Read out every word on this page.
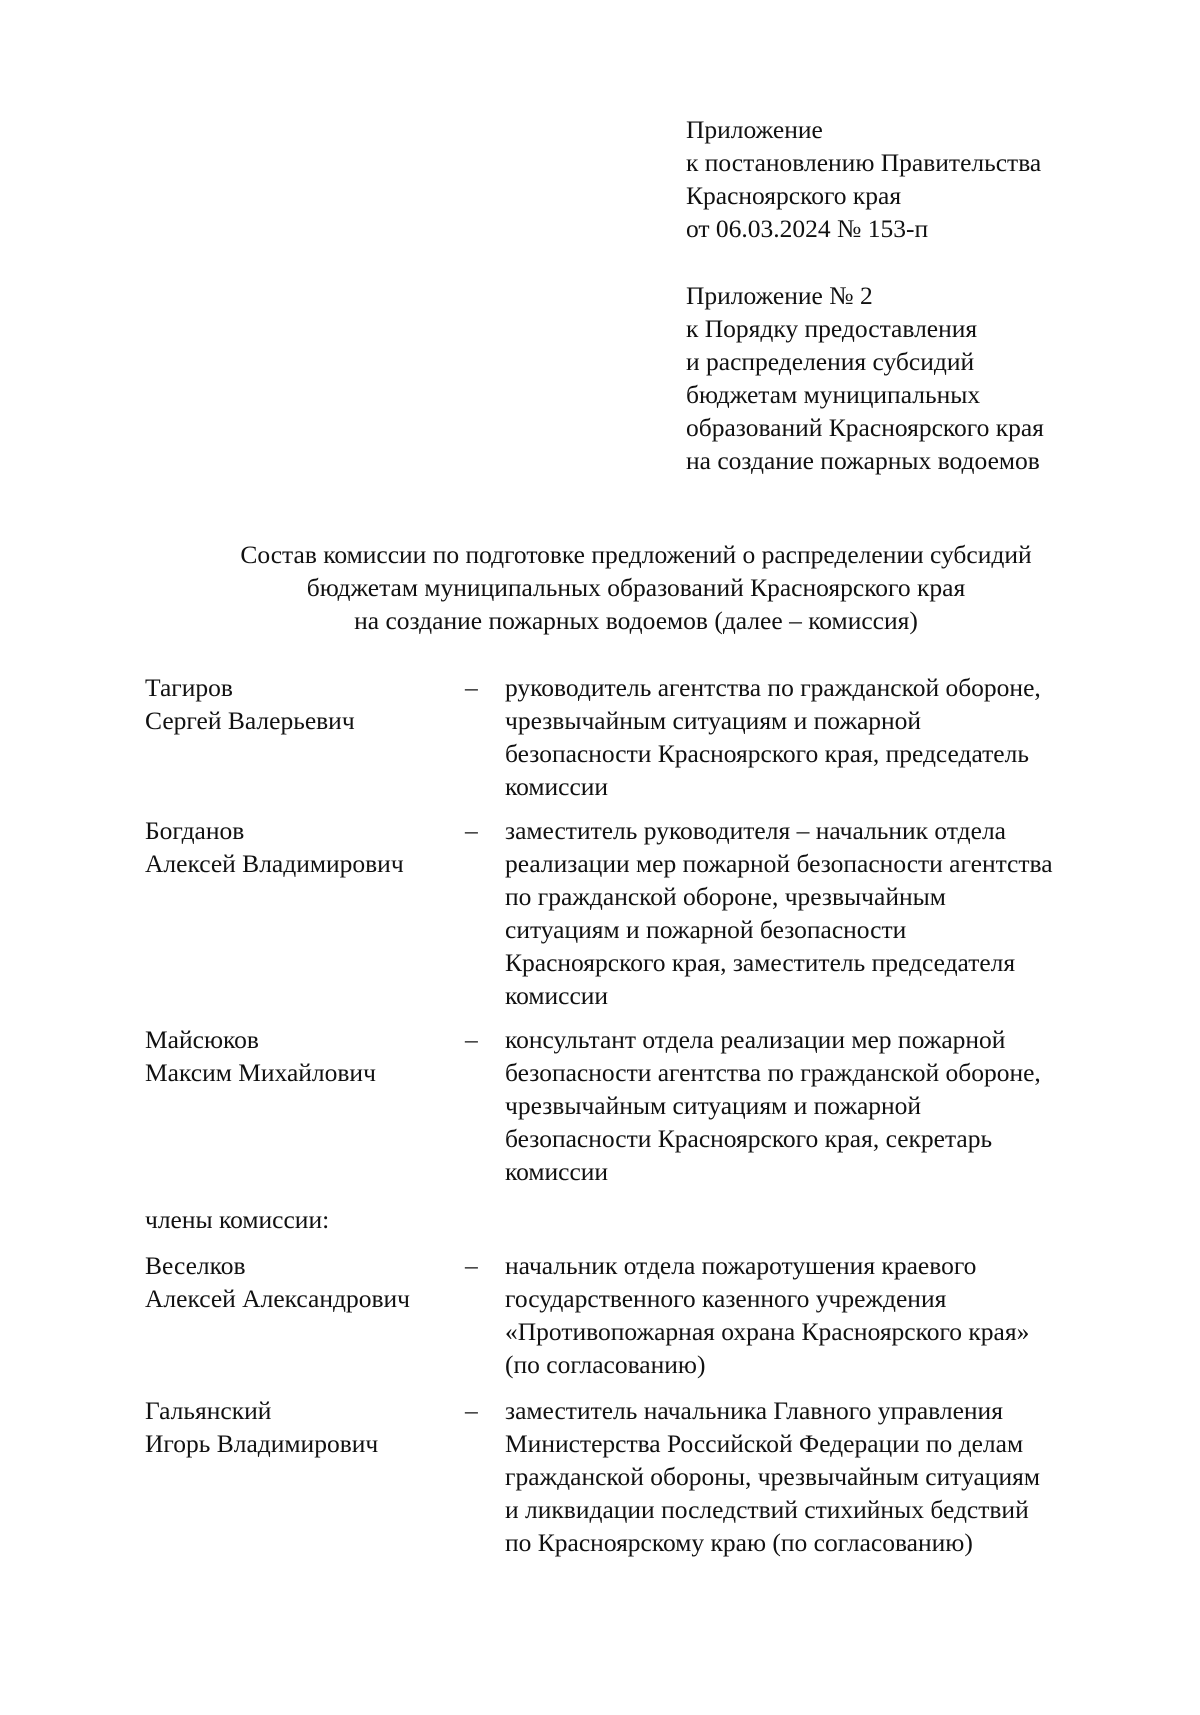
Приложение
к постановлению Правительства
Красноярского края
от 06.03.2024 № 153-п
Приложение № 2
к Порядку предоставления
и распределения субсидий
бюджетам муниципальных
образований Красноярского края
на создание пожарных водоемов
Состав комиссии по подготовке предложений о распределении субсидий
бюджетам муниципальных образований Красноярского края
на создание пожарных водоемов (далее – комиссия)
Тагиров
Сергей Валерьевич
–	руководитель агентства по гражданской обороне,
чрезвычайным ситуациям и пожарной
безопасности Красноярского края, председатель
комиссии
Богданов
Алексей Владимирович
–	заместитель руководителя – начальник отдела
реализации мер пожарной безопасности агентства
по гражданской обороне, чрезвычайным
ситуациям и пожарной безопасности
Красноярского края, заместитель председателя
комиссии
Майсюков
Максим Михайлович
–	консультант отдела реализации мер пожарной
безопасности агентства по гражданской обороне,
чрезвычайным ситуациям и пожарной
безопасности Красноярского края, секретарь
комиссии
члены комиссии:
Веселков
Алексей Александрович
–	начальник отдела пожаротушения краевого
государственного казенного учреждения
«Противопожарная охрана Красноярского края»
(по согласованию)
Гальянский
Игорь Владимирович
–	заместитель начальника Главного управления
Министерства Российской Федерации по делам
гражданской обороны, чрезвычайным ситуациям
и ликвидации последствий стихийных бедствий
по Красноярскому краю (по согласованию)
